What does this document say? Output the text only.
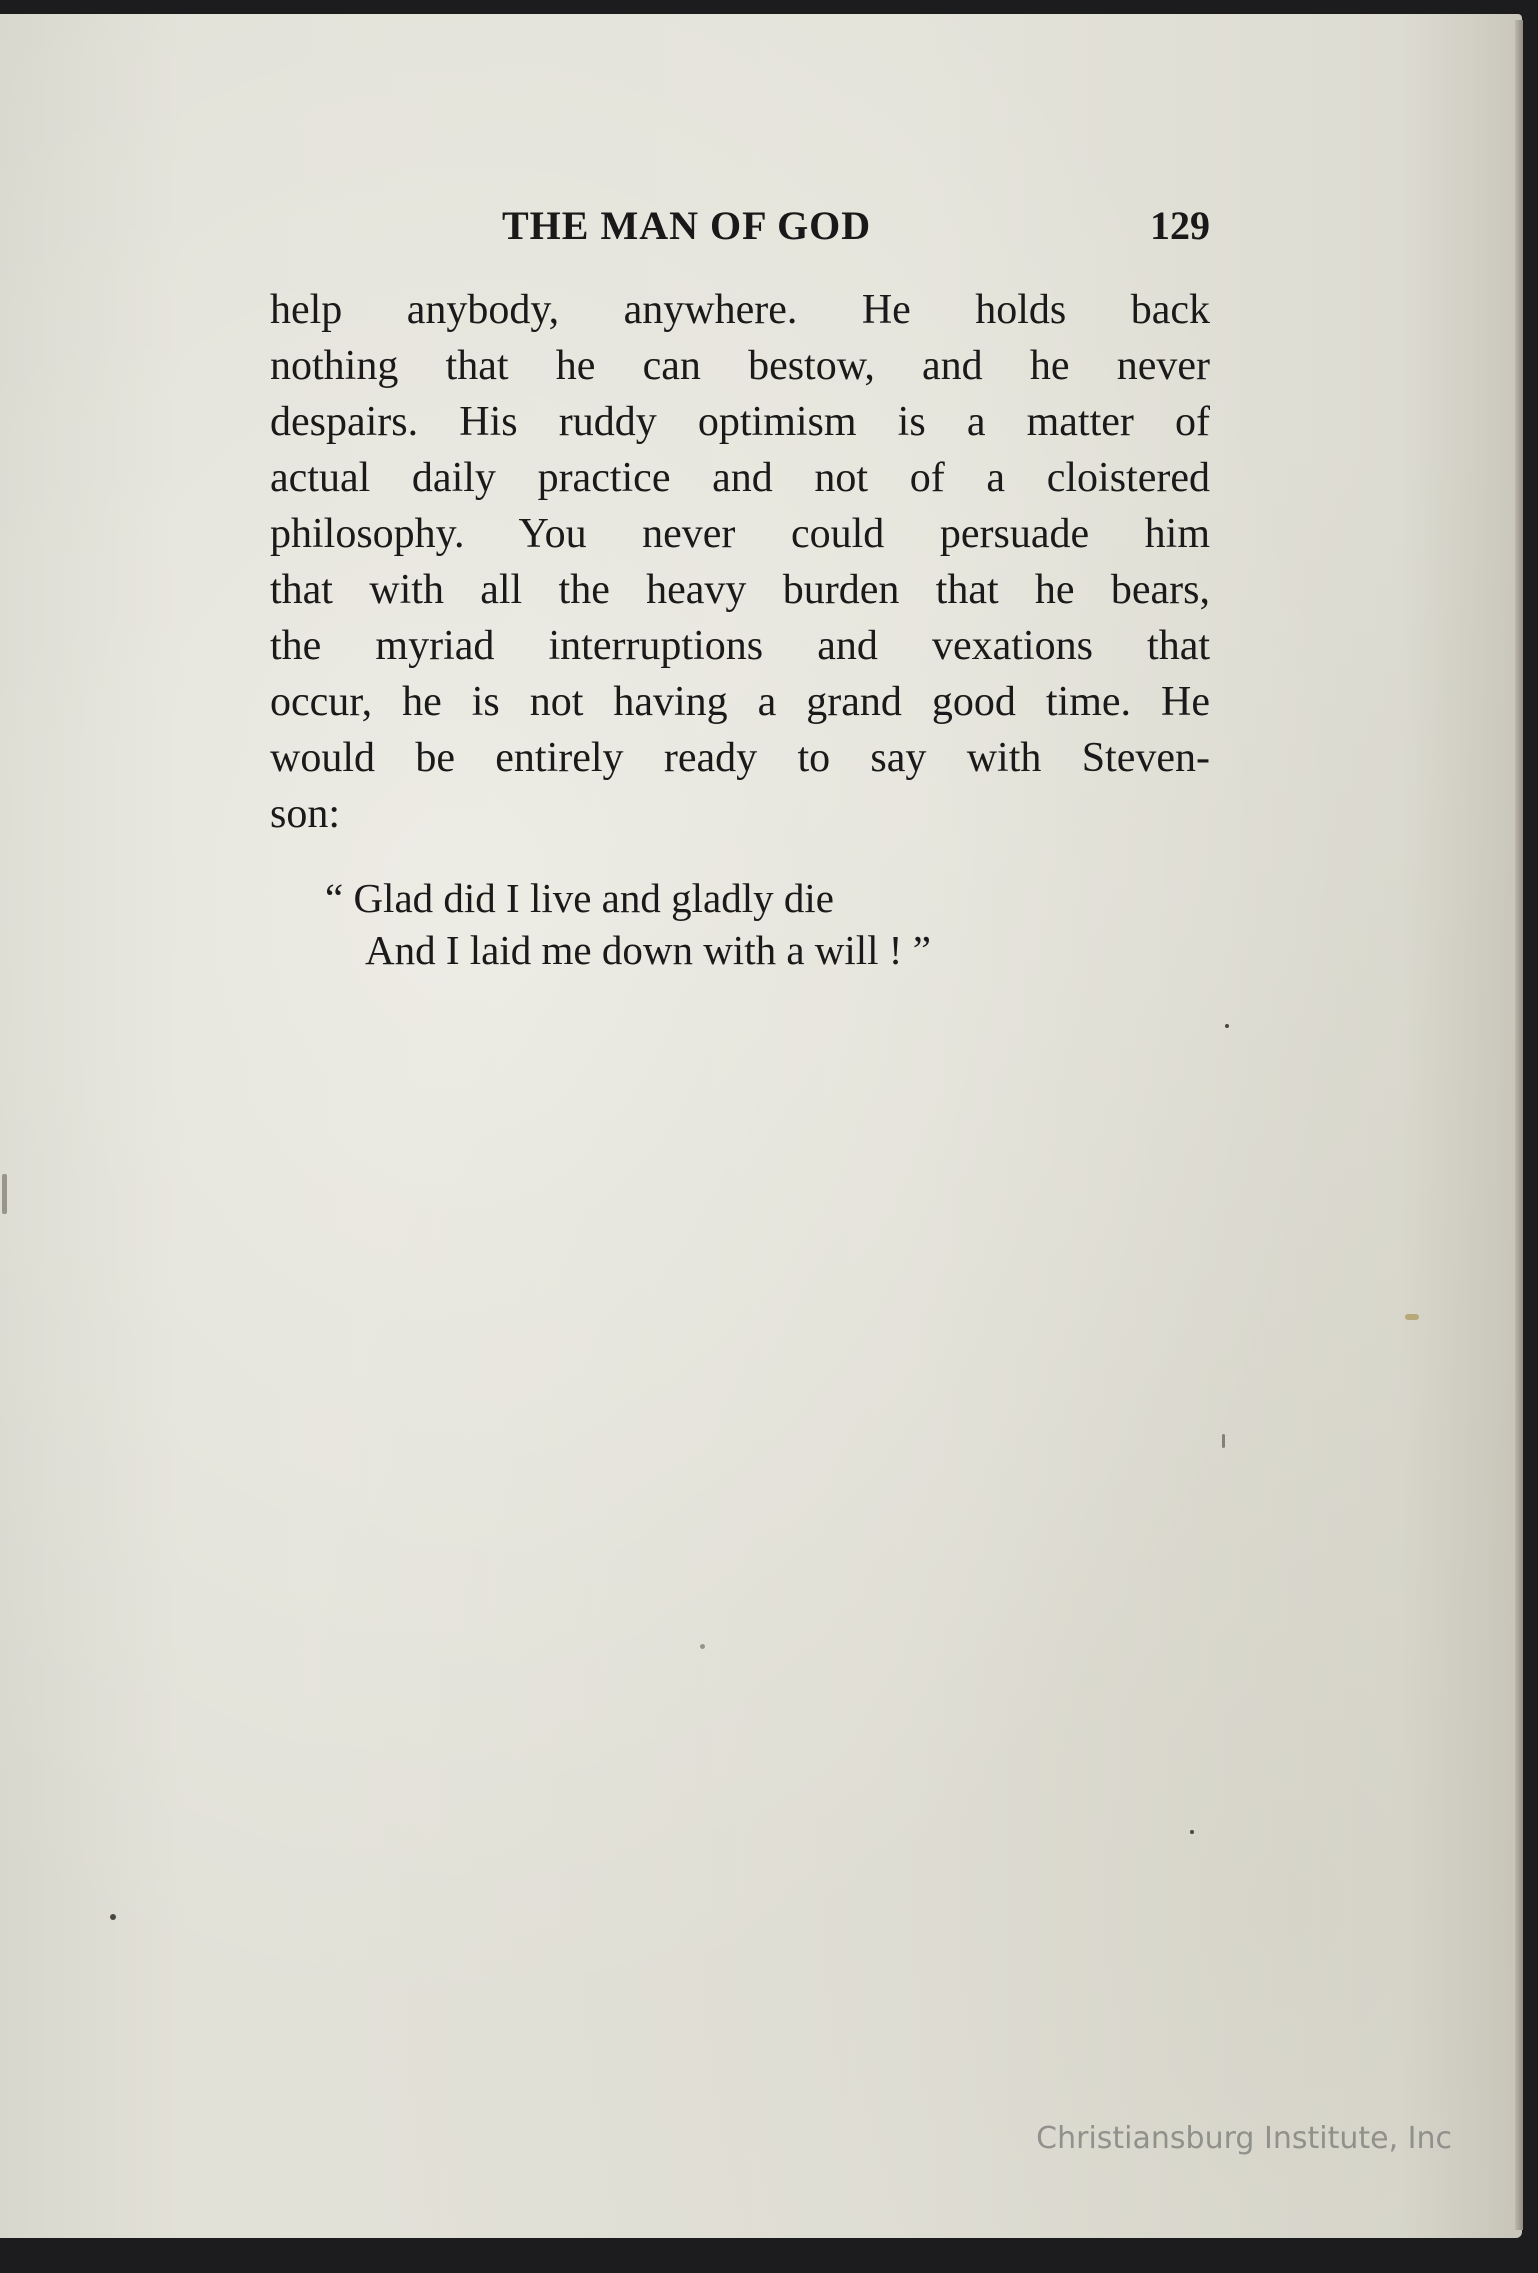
THE MAN OF GOD	129
help anybody, anywhere. He holds back
nothing that he can bestow, and he never
despairs. His ruddy optimism is a matter of
actual daily practice and not of a cloistered
philosophy. You never could persuade him
that with all the heavy burden that he bears,
the myriad interruptions and vexations that
occur, he is not having a grand good time. He
would be entirely ready to say with Steven-
son:
“ Glad did I live and gladly die
And I laid me down with a will ! ”
Christiansburg Institute, Inc
